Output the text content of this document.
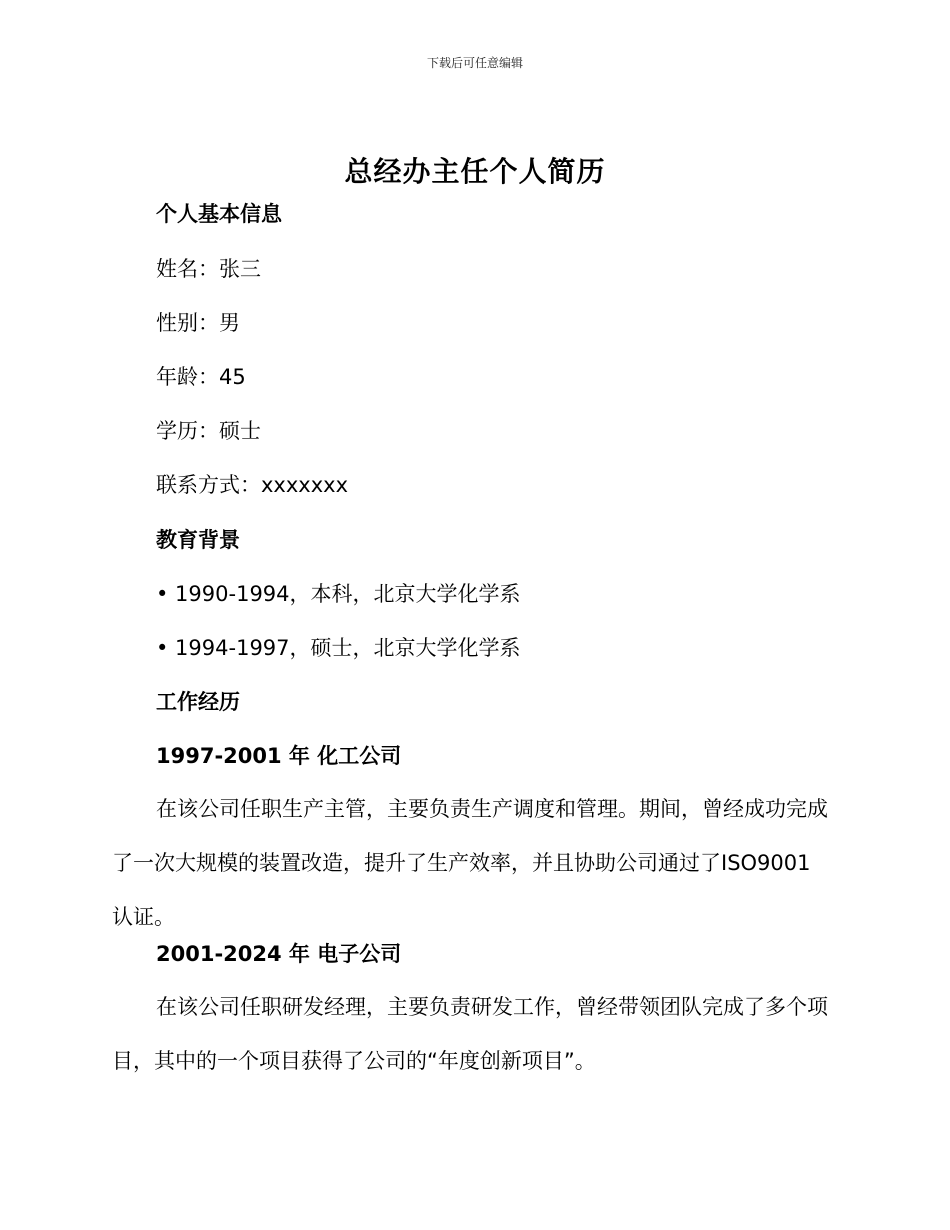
下载后可任意编辑
总经办主任个人简历
个人基本信息
姓名：张三
性别：男
年龄：45
学历：硕士
联系方式：xxxxxxx
教育背景
• 1990-1994，本科，北京大学化学系
• 1994-1997，硕士，北京大学化学系
工作经历
1997-2001 年 化工公司
在该公司任职生产主管，主要负责生产调度和管理。期间，曾经成功完成了一次大规模的装置改造，提升了生产效率，并且协助公司通过了ISO9001 认证。
2001-2024 年 电子公司
在该公司任职研发经理，主要负责研发工作，曾经带领团队完成了多个项目，其中的一个项目获得了公司的“年度创新项目”。
